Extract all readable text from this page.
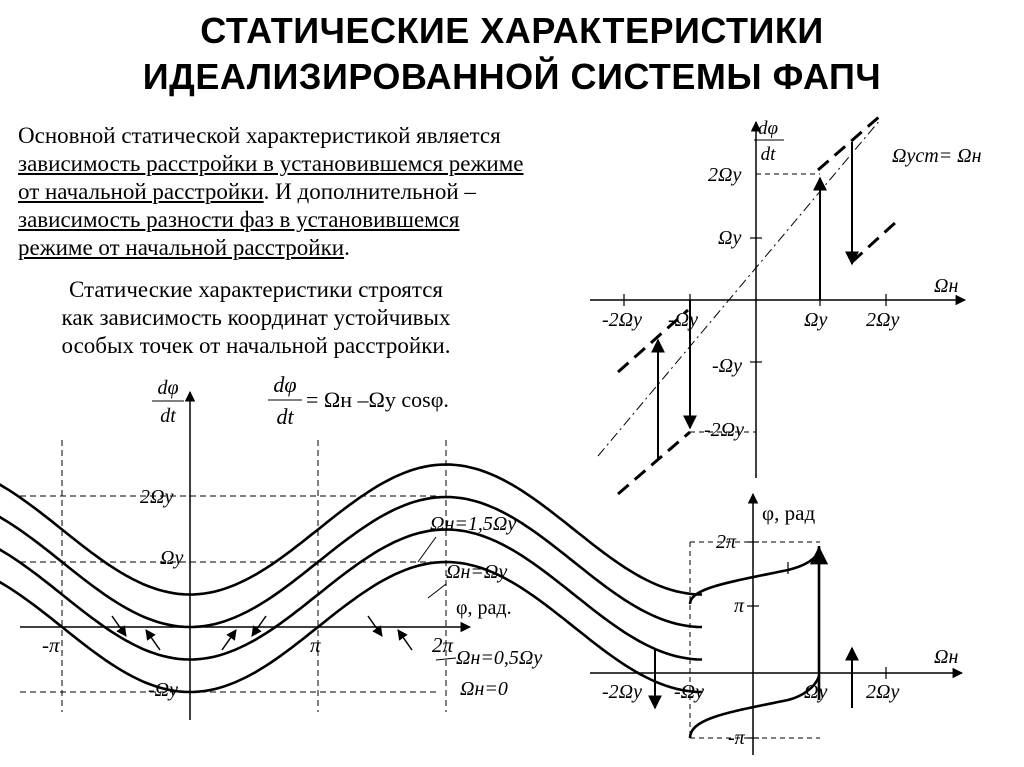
СТАТИЧЕСКИЕ ХАРАКТЕРИСТИКИ
ИДЕАЛИЗИРОВАННОЙ СИСТЕМЫ ФАПЧ
Основной статической характеристикой является
зависимость расстройки в установившемся режиме
от начальной расстройки. И дополнительной –
зависимость разности фаз в установившемся
режиме от начальной расстройки.
Статические характеристики строятся
как зависимость координат устойчивых
особых точек от начальной расстройки.
dφ
dt
dφ
dt
= Ωн –Ωу cosφ.
2Ωу
Ωу
-Ωу
-π	π	2π
Ωн=1,5Ωу
Ωн=Ωу
φ, рад.
Ωн=0,5Ωу
Ωн=0
dφ
dt	Ωуст= Ωн
Ωн
2Ωу
Ωу
-Ωу
-2Ωу
-2Ωу -Ωу	Ωу 2Ωу
φ, рад
Ωн
2π
π
-π
-2Ωу -Ωу	Ωу 2Ωу
